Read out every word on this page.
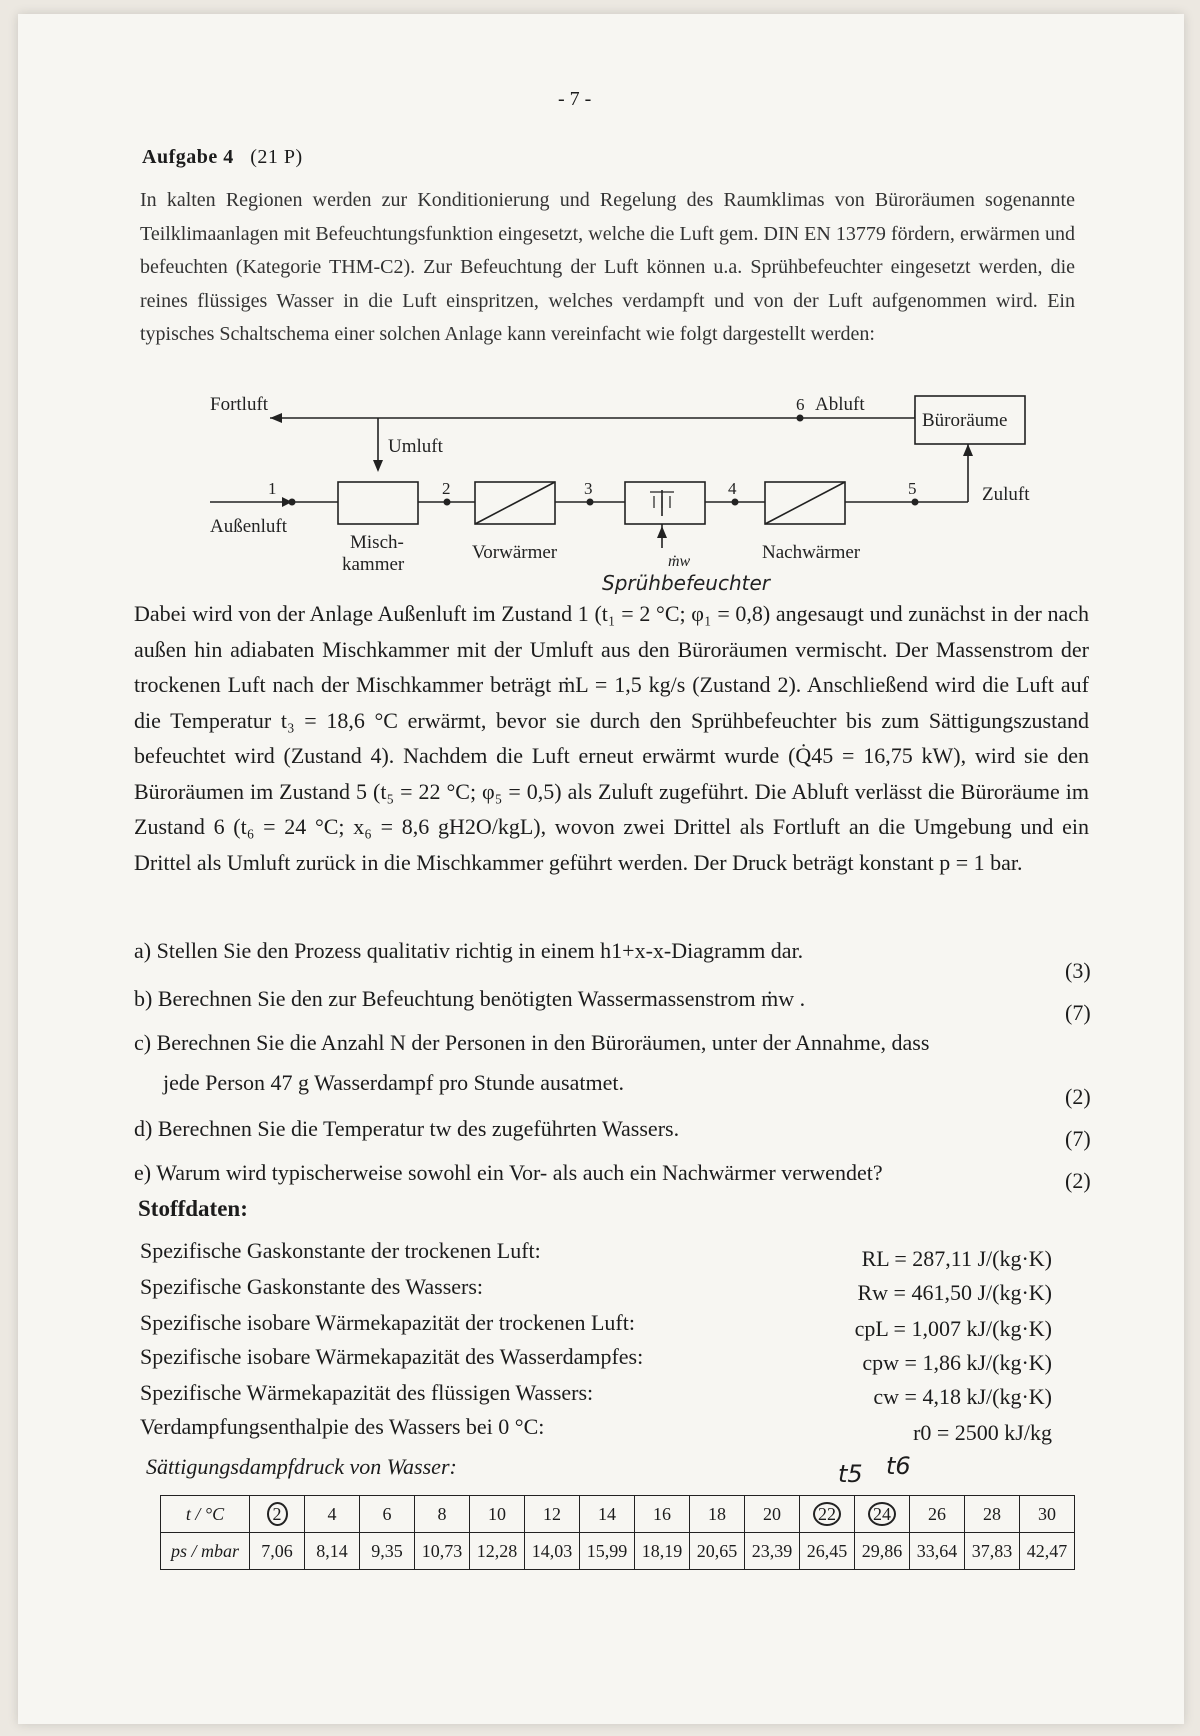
- 7 -
Aufgabe 4 (21 P)
In kalten Regionen werden zur Konditionierung und Regelung des Raumklimas von Büroräumen sogenannte Teilklimaanlagen mit Befeuchtungsfunktion eingesetzt, welche die Luft gem. DIN EN 13779 fördern, erwärmen und befeuchten (Kategorie THM-C2). Zur Befeuchtung der Luft können u.a. Sprühbefeuchter eingesetzt werden, die reines flüssiges Wasser in die Luft einspritzen, welches verdampft und von der Luft aufgenommen wird. Ein typisches Schaltschema einer solchen Anlage kann vereinfacht wie folgt dargestellt werden:
Fortluft	Abluft
Büroräume
Umluft
Zuluft
Außenluft
Misch-
kammer
Vorwärmer	Nachwärmer
ṁw
Sprühbefeuchter
1	2	3	4	5
6
Dabei wird von der Anlage Außenluft im Zustand 1 (t₁ = 2 °C; φ₁ = 0,8) angesaugt und zunächst in der nach außen hin adiabaten Mischkammer mit der Umluft aus den Büroräumen vermischt. Der Massenstrom der trockenen Luft nach der Mischkammer beträgt ṁL = 1,5 kg/s (Zustand 2). Anschließend wird die Luft auf die Temperatur t₃ = 18,6 °C erwärmt, bevor sie durch den Sprühbefeuchter bis zum Sättigungszustand befeuchtet wird (Zustand 4). Nachdem die Luft erneut erwärmt wurde (Q̇45 = 16,75 kW), wird sie den Büroräumen im Zustand 5 (t₅ = 22 °C; φ₅ = 0,5) als Zuluft zugeführt. Die Abluft verlässt die Büroräume im Zustand 6 (t₆ = 24 °C; x₆ = 8,6 gH2O/kgL), wovon zwei Drittel als Fortluft an die Umgebung und ein Drittel als Umluft zurück in die Mischkammer geführt werden. Der Druck beträgt konstant p = 1 bar.
a) Stellen Sie den Prozess qualitativ richtig in einem h1+x-x-Diagramm dar.
(3)
b) Berechnen Sie den zur Befeuchtung benötigten Wassermassenstrom ṁw .
(7)
c) Berechnen Sie die Anzahl N der Personen in den Büroräumen, unter der Annahme, dass
jede Person 47 g Wasserdampf pro Stunde ausatmet.
(2)
d) Berechnen Sie die Temperatur tw des zugeführten Wassers.	(7)
e) Warum wird typischerweise sowohl ein Vor- als auch ein Nachwärmer verwendet?	(2)
Stoffdaten:
Spezifische Gaskonstante der trockenen Luft:	RL = 287,11 J/(kg·K)
Spezifische Gaskonstante des Wassers:	Rw = 461,50 J/(kg·K)
Spezifische isobare Wärmekapazität der trockenen Luft:	cpL = 1,007 kJ/(kg·K)
Spezifische isobare Wärmekapazität des Wasserdampfes:	cpw = 1,86 kJ/(kg·K)
Spezifische Wärmekapazität des flüssigen Wassers:	cw = 4,18 kJ/(kg·K)
Verdampfungsenthalpie des Wassers bei 0 °C:	r0 = 2500 kJ/kg
Sättigungsdampfdruck von Wasser:	t5 t6
t / °C	2	4	6	8	10	12	14	16	18	20	22	24	26	28	30
ps / mbar	7,06	8,14	9,35	10,73	12,28	14,03	15,99	18,19	20,65	23,39	26,45	29,86	33,64	37,83	42,47
